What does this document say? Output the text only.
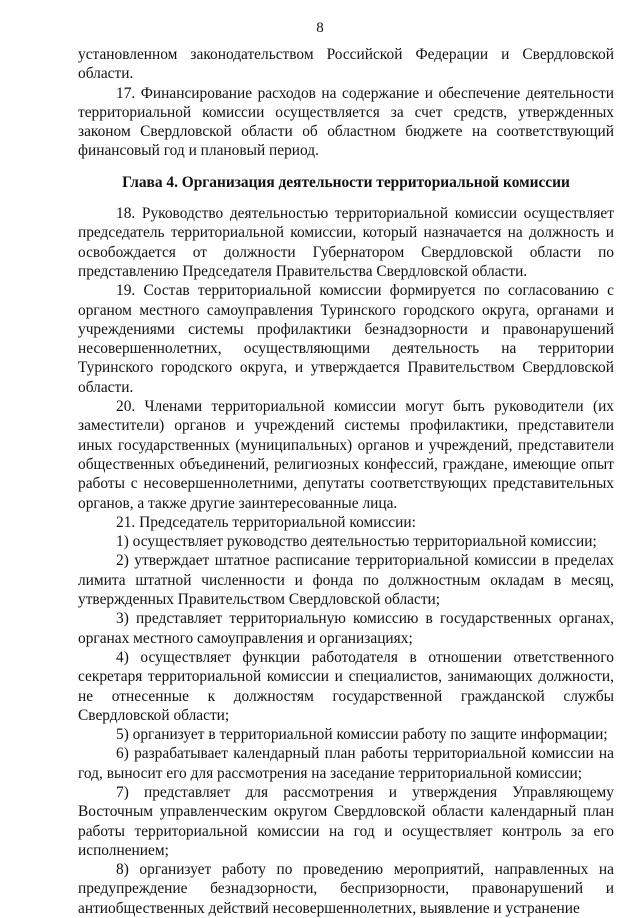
8

установленном законодательством Российской Федерации и Свердловской области.

17. Финансирование расходов на содержание и обеспечение деятельности территориальной комиссии осуществляется за счет средств, утвержденных законом Свердловской области об областном бюджете на соответствующий финансовый год и плановый период.

Глава 4. Организация деятельности территориальной комиссии

18. Руководство деятельностью территориальной комиссии осуществляет председатель территориальной комиссии, который назначается на должность и освобождается от должности Губернатором Свердловской области по представлению Председателя Правительства Свердловской области.

19. Состав территориальной комиссии формируется по согласованию с органом местного самоуправления Туринского городского округа, органами и учреждениями системы профилактики безнадзорности и правонарушений несовершеннолетних, осуществляющими деятельность на территории Туринского городского округа, и утверждается Правительством Свердловской области.

20. Членами территориальной комиссии могут быть руководители (их заместители) органов и учреждений системы профилактики, представители иных государственных (муниципальных) органов и учреждений, представители общественных объединений, религиозных конфессий, граждане, имеющие опыт работы с несовершеннолетними, депутаты соответствующих представительных органов, а также другие заинтересованные лица.

21. Председатель территориальной комиссии:

1) осуществляет руководство деятельностью территориальной комиссии;

2) утверждает штатное расписание территориальной комиссии в пределах лимита штатной численности и фонда по должностным окладам в месяц, утвержденных Правительством Свердловской области;

3) представляет территориальную комиссию в государственных органах, органах местного самоуправления и организациях;

4) осуществляет функции работодателя в отношении ответственного секретаря территориальной комиссии и специалистов, занимающих должности, не отнесенные к должностям государственной гражданской службы Свердловской области;

5) организует в территориальной комиссии работу по защите информации;

6) разрабатывает календарный план работы территориальной комиссии на год, выносит его для рассмотрения на заседание территориальной комиссии;

7) представляет для рассмотрения и утверждения Управляющему Восточным управленческим округом Свердловской области календарный план работы территориальной комиссии на год и осуществляет контроль за его исполнением;

8) организует работу по проведению мероприятий, направленных на предупреждение безнадзорности, беспризорности, правонарушений и антиобщественных действий несовершеннолетних, выявление и устранение
